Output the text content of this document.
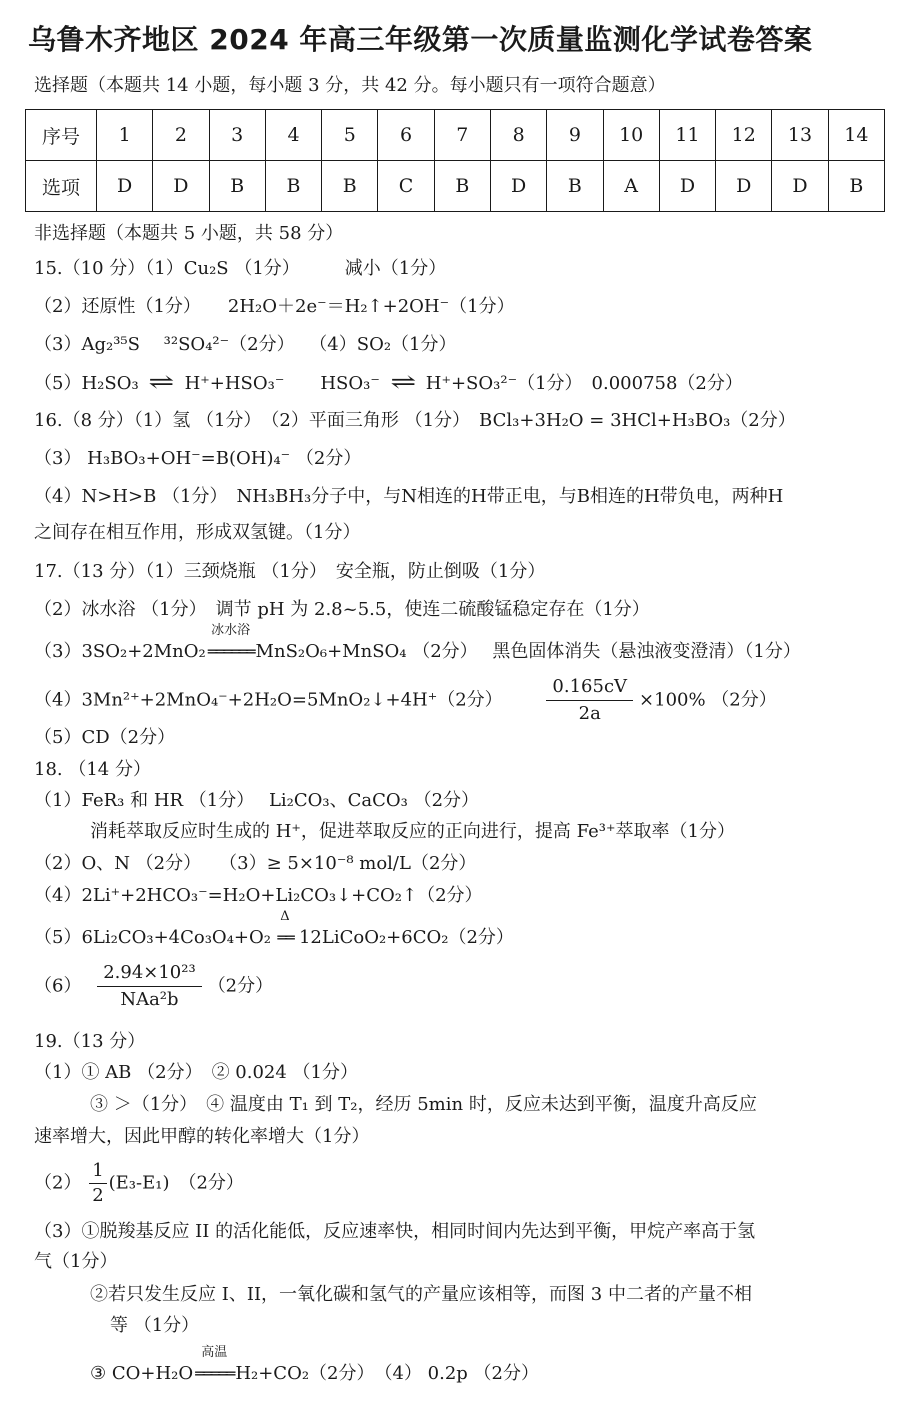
乌鲁木齐地区 2024 年高三年级第一次质量监测化学试卷答案
选择题（本题共 14 小题，每小题 3 分，共 42 分。每小题只有一项符合题意）
序号	1	2	3	4	5	6	7	8	9	10	11	12	13	14
选项	D	D	B	B	B	C	B	D	B	A	D	D	D	B
非选择题（本题共 5 小题，共 58 分）
15.（10 分）（1）Cu₂S （1分）　　　减小（1分）
（2）还原性（1分）　　2H₂O＋2e⁻＝H₂↑+2OH⁻（1分）
（3）Ag₂³⁵S　 ³²SO₄²⁻（2分）　 （4）SO₂（1分）
（5）H₂SO₃ ⇌ H⁺+HSO₃⁻　　HSO₃⁻ ⇌ H⁺+SO₃²⁻（1分）　0.000758（2分）
16.（8 分）（1）氢 （1分）　（2）平面三角形 （1分）　BCl₃+3H₂O = 3HCl+H₃BO₃（2分）
（3） H₃BO₃+OH⁻=B(OH)₄⁻ （2分）
（4）N>H>B （1分）　NH₃BH₃分子中，与N相连的H带正电，与B相连的H带负电，两种H
之间存在相互作用，形成双氢键。（1分）
17.（13 分）（1）三颈烧瓶 （1分）　安全瓶，防止倒吸（1分）
（2）冰水浴 （1分）　调节 pH 为 2.8~5.5，使连二硫酸锰稳定存在（1分）
（3）3SO₂+2MnO₂
冰水浴
══════ MnS₂O₆+MnSO₄ （2分）　 黑色固体消失（悬浊液变澄清）（1分）
（4）3Mn²⁺+2MnO₄⁻+2H₂O=5MnO₂↓+4H⁺（2分） $\frac{0.165cV}{2a} \times 100\%$ （2分）
（5）CD（2分）
18. （14 分）
（1）FeR₃ 和 HR （1分）　 Li₂CO₃、CaCO₃ （2分）
消耗萃取反应时生成的 H⁺，促进萃取反应的正向进行，提高 Fe³⁺萃取率（1分）
（2）O、N （2分）　　（3）≥ 5×10⁻⁸ mol/L（2分）
（4）2Li⁺+2HCO₃⁻=H₂O+Li₂CO₃↓+CO₂↑（2分）
（5）6Li₂CO₃+4Co₃O₄+O₂
Δ
══ 12LiCoO₂+6CO₂（2分）
$(6) \frac{\text{2.94×10²³}}{\text{NAa²b}} (2$分）
19.（13 分）
（1）① AB （2分）　② 0.024 （1分）
③ ＞（1分）　④ 温度由 T₁ 到 T₂，经历 5min 时，反应未达到平衡，温度升高反应
速率增大，因此甲醇的转化率增大（1分）
$(2) \frac{1}{2} (E_3-E_1)$　（2分）
（3）①脱羧基反应 II 的活化能低，反应速率快，相同时间内先达到平衡，甲烷产率高于氢
气（1分）
②若只发生反应 I、II，一氧化碳和氢气的产量应该相等，而图 3 中二者的产量不相
等 （1分）
③ CO+H₂O
高温
═════ H₂+CO₂（2分）　（4） 0.2p （2分）
